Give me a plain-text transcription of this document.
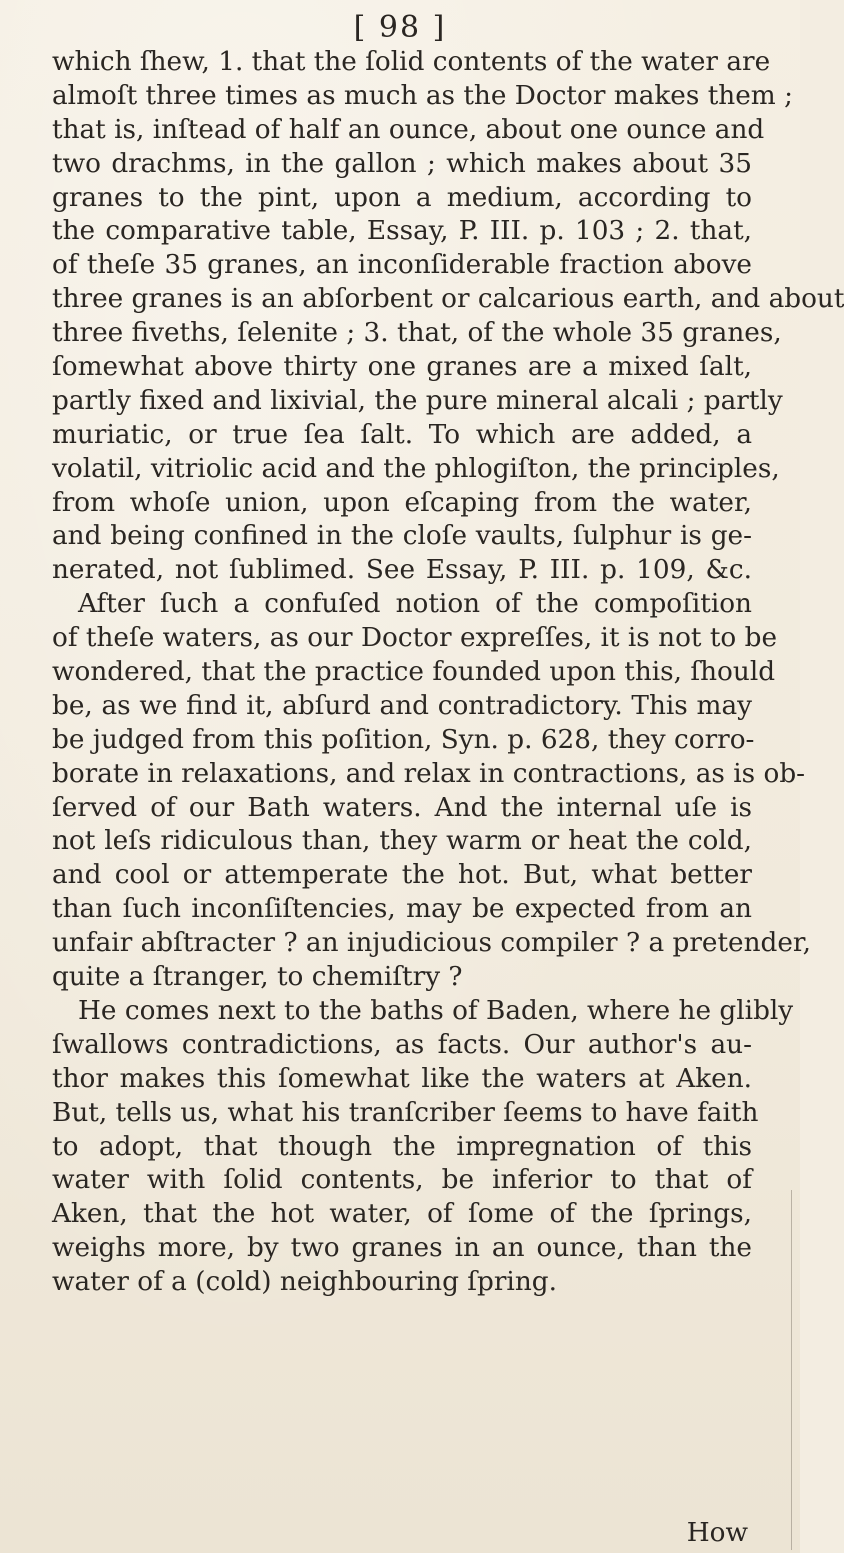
[ 98 ]
which ſhew, 1. that the ſolid contents of the water are
almoſt three times as much as the Doctor makes them ;
that is, inſtead of half an ounce, about one ounce and
two drachms, in the gallon ; which makes about 35
granes to the pint, upon a medium, according to
the comparative table, Essay, P. III. p. 103 ; 2. that,
of theſe 35 granes, an inconſiderable fraction above
three granes is an abſorbent or calcarious earth, and about
three fiveths, ſelenite ; 3. that, of the whole 35 granes,
ſomewhat above thirty one granes are a mixed ſalt,
partly fixed and lixivial, the pure mineral alcali ; partly
muriatic, or true ſea ſalt. To which are added, a
volatil, vitriolic acid and the phlogiſton, the principles,
from whoſe union, upon eſcaping from the water,
and being confined in the cloſe vaults, ſulphur is ge-
nerated, not ſublimed. See Essay, P. III. p. 109, &c.
After ſuch a confuſed notion of the compoſition
of theſe waters, as our Doctor expreſſes, it is not to be
wondered, that the practice founded upon this, ſhould
be, as we find it, abſurd and contradictory. This may
be judged from this poſition, Syn. p. 628, they corro-
borate in relaxations, and relax in contractions, as is ob-
ſerved of our Bath waters. And the internal uſe is
not leſs ridiculous than, they warm or heat the cold,
and cool or attemperate the hot. But, what better
than ſuch inconſiſtencies, may be expected from an
unfair abſtracter ? an injudicious compiler ? a pretender,
quite a ſtranger, to chemiſtry ?
He comes next to the baths of Baden, where he glibly
ſwallows contradictions, as facts. Our author's au-
thor makes this ſomewhat like the waters at Aken.
But, tells us, what his tranſcriber ſeems to have faith
to adopt, that though the impregnation of this
water with ſolid contents, be inferior to that of
Aken, that the hot water, of ſome of the ſprings,
weighs more, by two granes in an ounce, than the
water of a (cold) neighbouring ſpring.
How
